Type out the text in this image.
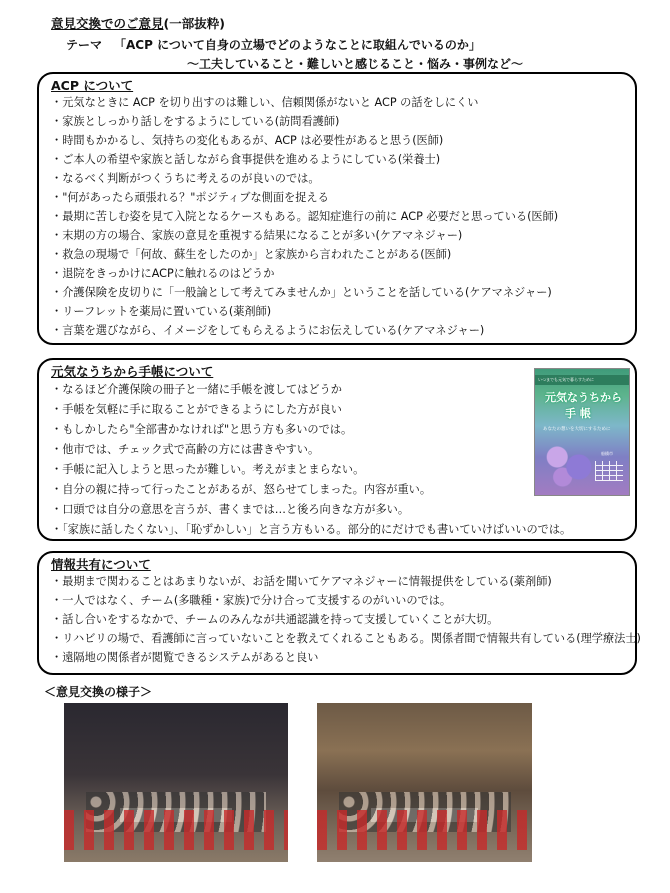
意見交換でのご意見(一部抜粋)
テーマ 「ACP について自身の立場でどのようなことに取組んでいるのか」
～工夫していること・難しいと感じること・悩み・事例など～
ACP について
・元気なときに ACP を切り出すのは難しい、信頼関係がないと ACP の話をしにくい
・家族としっかり話しをするようにしている(訪問看護師)
・時間もかかるし、気持ちの変化もあるが、ACP は必要性があると思う(医師)
・ご本人の希望や家族と話しながら食事提供を進めるようにしている(栄養士)
・なるべく判断がつくうちに考えるのが良いのでは。
・"何があったら頑張れる？"ポジティブな側面を捉える
・最期に苦しむ姿を見て入院となるケースもある。認知症進行の前に ACP 必要だと思っている(医師)
・末期の方の場合、家族の意見を重視する結果になることが多い(ケアマネジャー)
・救急の現場で「何故、蘇生をしたのか」と家族から言われたことがある(医師)
・退院をきっかけにACPに触れるのはどうか
・介護保険を皮切りに「一般論として考えてみませんか」ということを話している(ケアマネジャー)
・リーフレットを薬局に置いている(薬剤師)
・言葉を選びながら、イメージをしてもらえるようにお伝えしている(ケアマネジャー)
元気なうちから手帳について
・なるほど介護保険の冊子と一緒に手帳を渡してはどうか
・手帳を気軽に手に取ることができるようにした方が良い
・もしかしたら"全部書かなければ"と思う方も多いのでは。
・他市では、チェック式で高齢の方には書きやすい。
・手帳に記入しようと思ったが難しい。考えがまとまらない。
・自分の親に持って行ったことがあるが、怒らせてしまった。内容が重い。
・口頭では自分の意思を言うが、書くまでは…と後ろ向きな方が多い。
・「家族に話したくない」、「恥ずかしい」と言う方もいる。部分的にだけでも書いていけばいいのでは。
いつまでも元気で暮らすために
元気なうちから
手 帳
あなたの想いを大切にするために
船橋市
情報共有について
・最期まで関わることはあまりないが、お話を聞いてケアマネジャーに情報提供をしている(薬剤師)
・一人ではなく、チーム(多職種・家族)で分け合って支援するのがいいのでは。
・話し合いをするなかで、チームのみんなが共通認識を持って支援していくことが大切。
・リハビリの場で、看護師に言っていないことを教えてくれることもある。関係者間で情報共有している(理学療法士)
・遠隔地の関係者が閲覧できるシステムがあると良い
＜意見交換の様子＞
